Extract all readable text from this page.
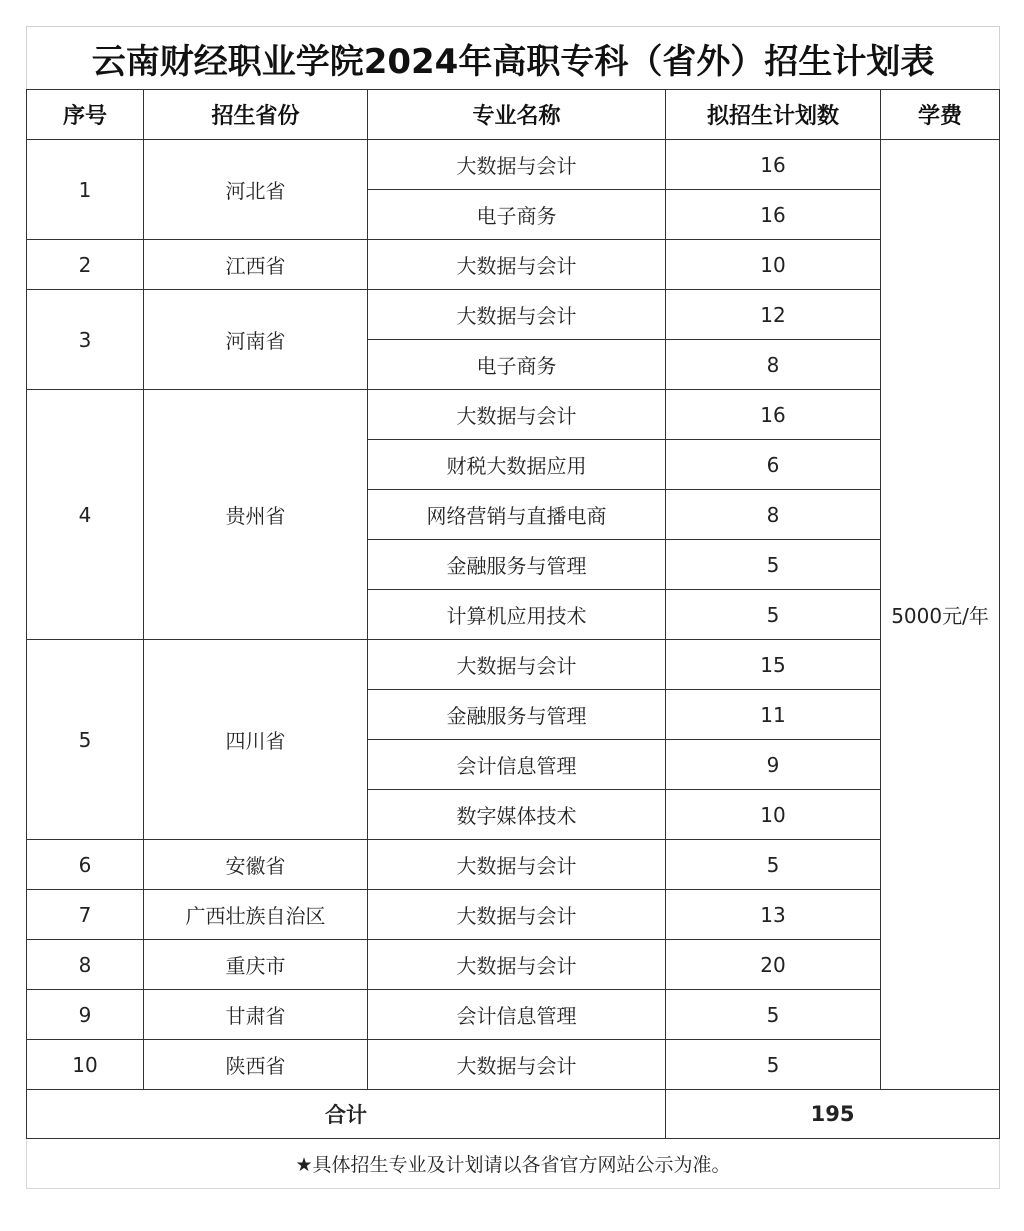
云南财经职业学院2024年高职专科（省外）招生计划表				
序号	招生省份	专业名称	拟招生计划数	学费
1	河北省	大数据与会计	16	5000元/年
		电子商务	16	
2	江西省	大数据与会计	10	
3	河南省	大数据与会计	12	
		电子商务	8	
4	贵州省	大数据与会计	16	
		财税大数据应用	6	
		网络营销与直播电商	8	
		金融服务与管理	5	
		计算机应用技术	5	
5	四川省	大数据与会计	15	
		金融服务与管理	11	
		会计信息管理	9	
		数字媒体技术	10	
6	安徽省	大数据与会计	5	
7	广西壮族自治区	大数据与会计	13	
8	重庆市	大数据与会计	20	
9	甘肃省	会计信息管理	5	
10	陕西省	大数据与会计	5	
合计			195	
★具体招生专业及计划请以各省官方网站公示为准。				
